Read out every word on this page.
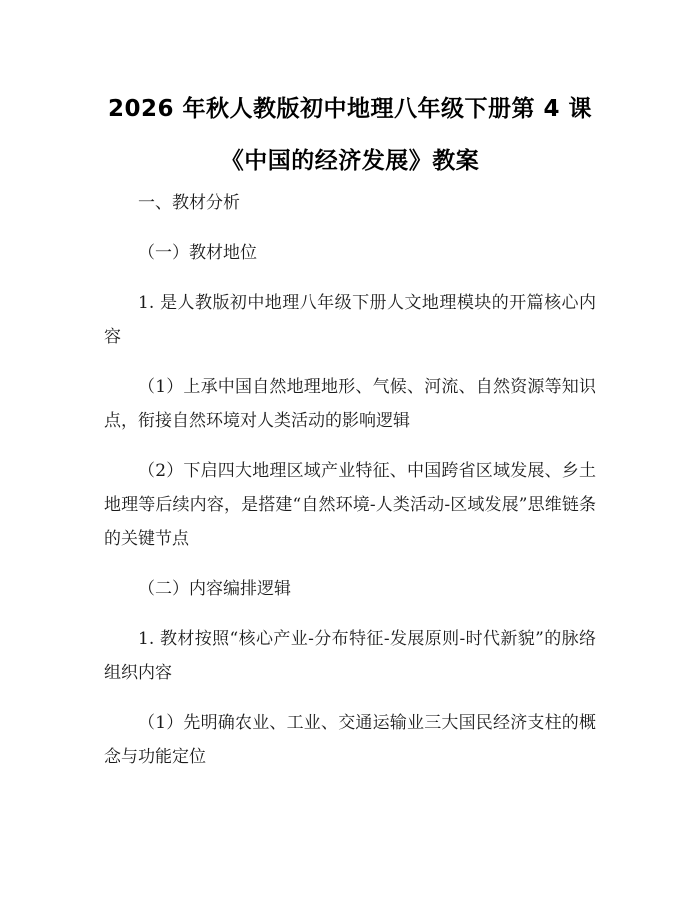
2026 年秋人教版初中地理八年级下册第 4 课
《中国的经济发展》教案
一、教材分析
（一）教材地位
1. 是人教版初中地理八年级下册人文地理模块的开篇核心内容
（1）上承中国自然地理地形、气候、河流、自然资源等知识点，衔接自然环境对人类活动的影响逻辑
（2）下启四大地理区域产业特征、中国跨省区域发展、乡土地理等后续内容，是搭建“自然环境-人类活动-区域发展”思维链条的关键节点
（二）内容编排逻辑
1. 教材按照“核心产业-分布特征-发展原则-时代新貌”的脉络组织内容
（1）先明确农业、工业、交通运输业三大国民经济支柱的概念与功能定位
